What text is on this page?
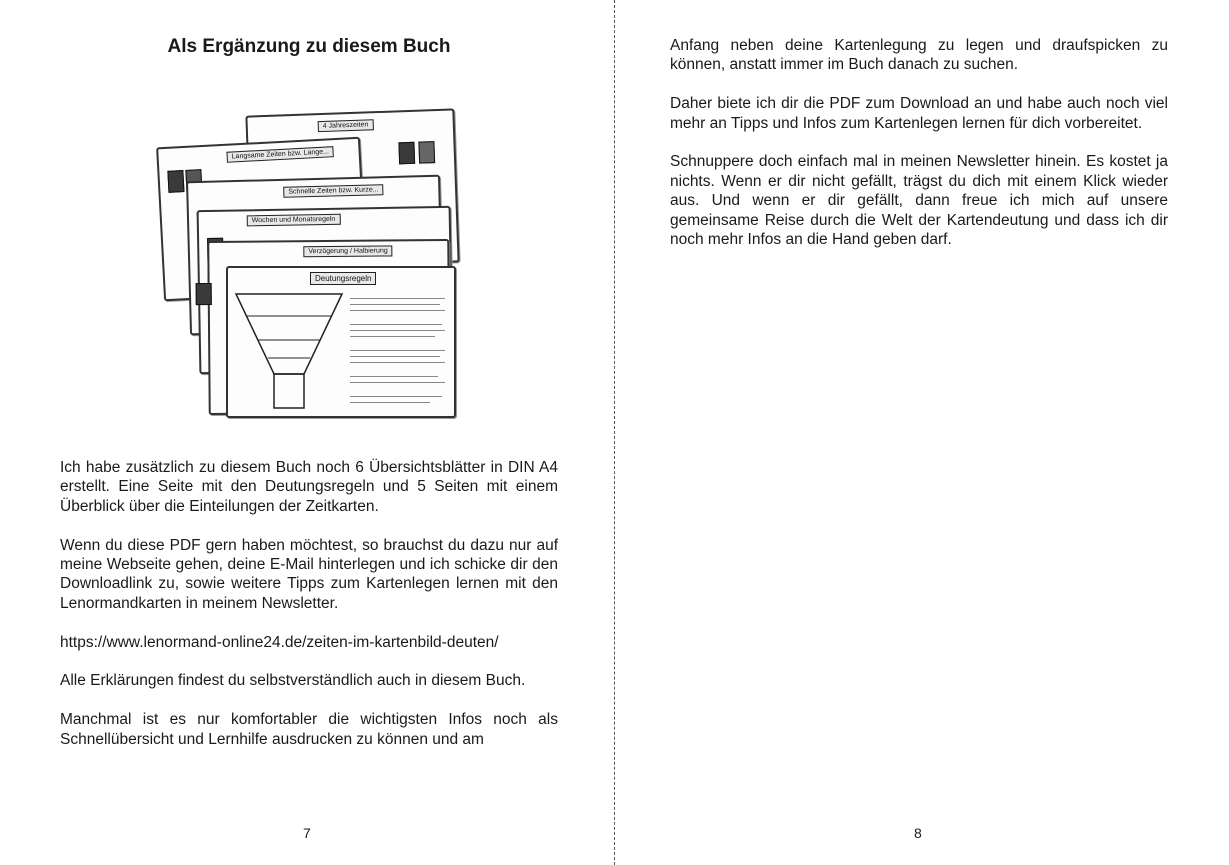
Als Ergänzung zu diesem Buch
4 Jahreszeiten
Langsame Zeiten bzw. Lange...
Schnelle Zeiten bzw. Kurze...
Wochen und Monatsregeln
Verzögerung / Halbierung
Deutungsregeln

Ich habe zusätzlich zu diesem Buch noch 6 Übersichtsblätter in DIN A4 erstellt. Eine Seite mit den Deutungsregeln und 5 Seiten mit einem Überblick über die Einteilungen der Zeitkarten.

Wenn du diese PDF gern haben möchtest, so brauchst du dazu nur auf meine Webseite gehen, deine E-Mail hinterlegen und ich schicke dir den Downloadlink zu, sowie weitere Tipps zum Kartenlegen lernen mit den Lenormandkarten in meinem Newsletter.

https://www.lenormand-online24.de/zeiten-im-kartenbild-deuten/

Alle Erklärungen findest du selbstverständlich auch in diesem Buch.

Manchmal ist es nur komfortabler die wichtigsten Infos noch als Schnellübersicht und Lernhilfe ausdrucken zu können und am

7

Anfang neben deine Kartenlegung zu legen und draufspicken zu können, anstatt immer im Buch danach zu suchen.

Daher biete ich dir die PDF zum Download an und habe auch noch viel mehr an Tipps und Infos zum Kartenlegen lernen für dich vorbereitet.

Schnuppere doch einfach mal in meinen Newsletter hinein. Es kostet ja nichts. Wenn er dir nicht gefällt, trägst du dich mit einem Klick wieder aus. Und wenn er dir gefällt, dann freue ich mich auf unsere gemeinsame Reise durch die Welt der Kartendeutung und dass ich dir noch mehr Infos an die Hand geben darf.

8
